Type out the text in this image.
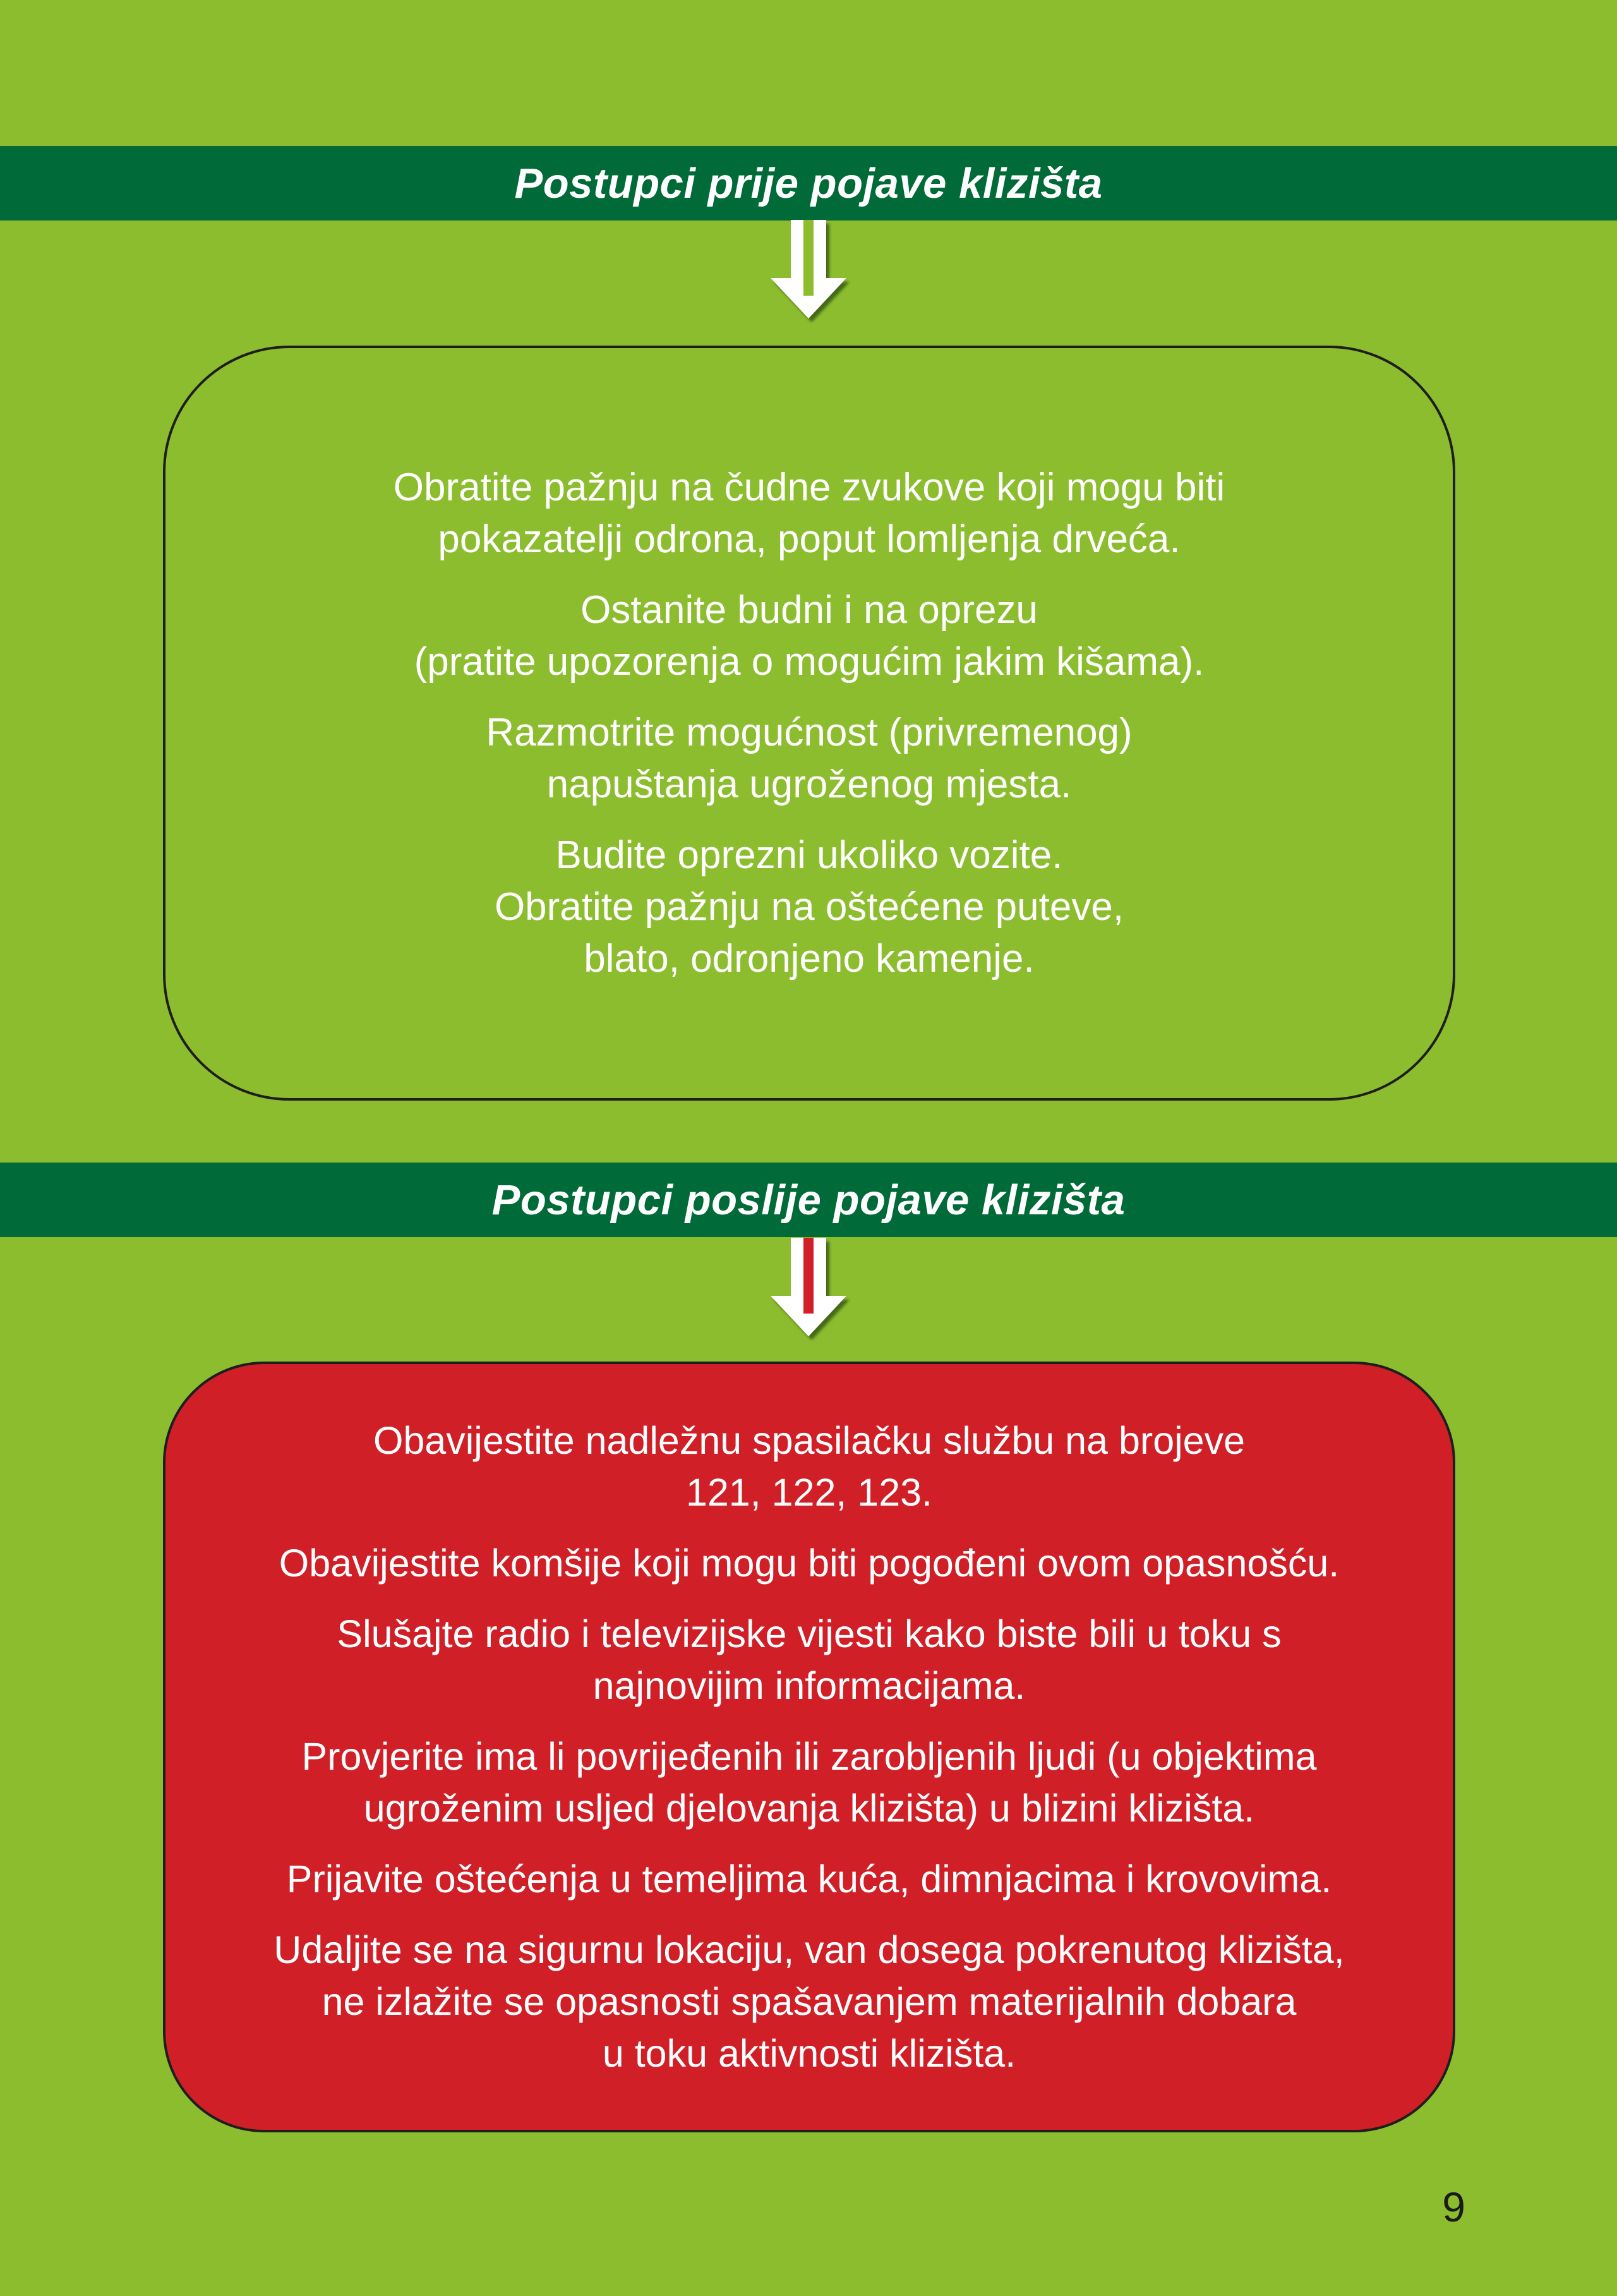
Postupci prije pojave klizišta
Obratite pažnju na čudne zvukove koji mogu biti
pokazatelji odrona, poput lomljenja drveća.
Ostanite budni i na oprezu
(pratite upozorenja o mogućim jakim kišama).
Razmotrite mogućnost (privremenog)
napuštanja ugroženog mjesta.
Budite oprezni ukoliko vozite.
Obratite pažnju na oštećene puteve,
blato, odronjeno kamenje.
Postupci poslije pojave klizišta
Obavijestite nadležnu spasilačku službu na brojeve
121, 122, 123.
Obavijestite komšije koji mogu biti pogođeni ovom opasnošću.
Slušajte radio i televizijske vijesti kako biste bili u toku s
najnovijim informacijama.
Provjerite ima li povrijeđenih ili zarobljenih ljudi (u objektima
ugroženim usljed djelovanja klizišta) u blizini klizišta.
Prijavite oštećenja u temeljima kuća, dimnjacima i krovovima.
Udaljite se na sigurnu lokaciju, van dosega pokrenutog klizišta,
ne izlažite se opasnosti spašavanjem materijalnih dobara
u toku aktivnosti klizišta.
9
